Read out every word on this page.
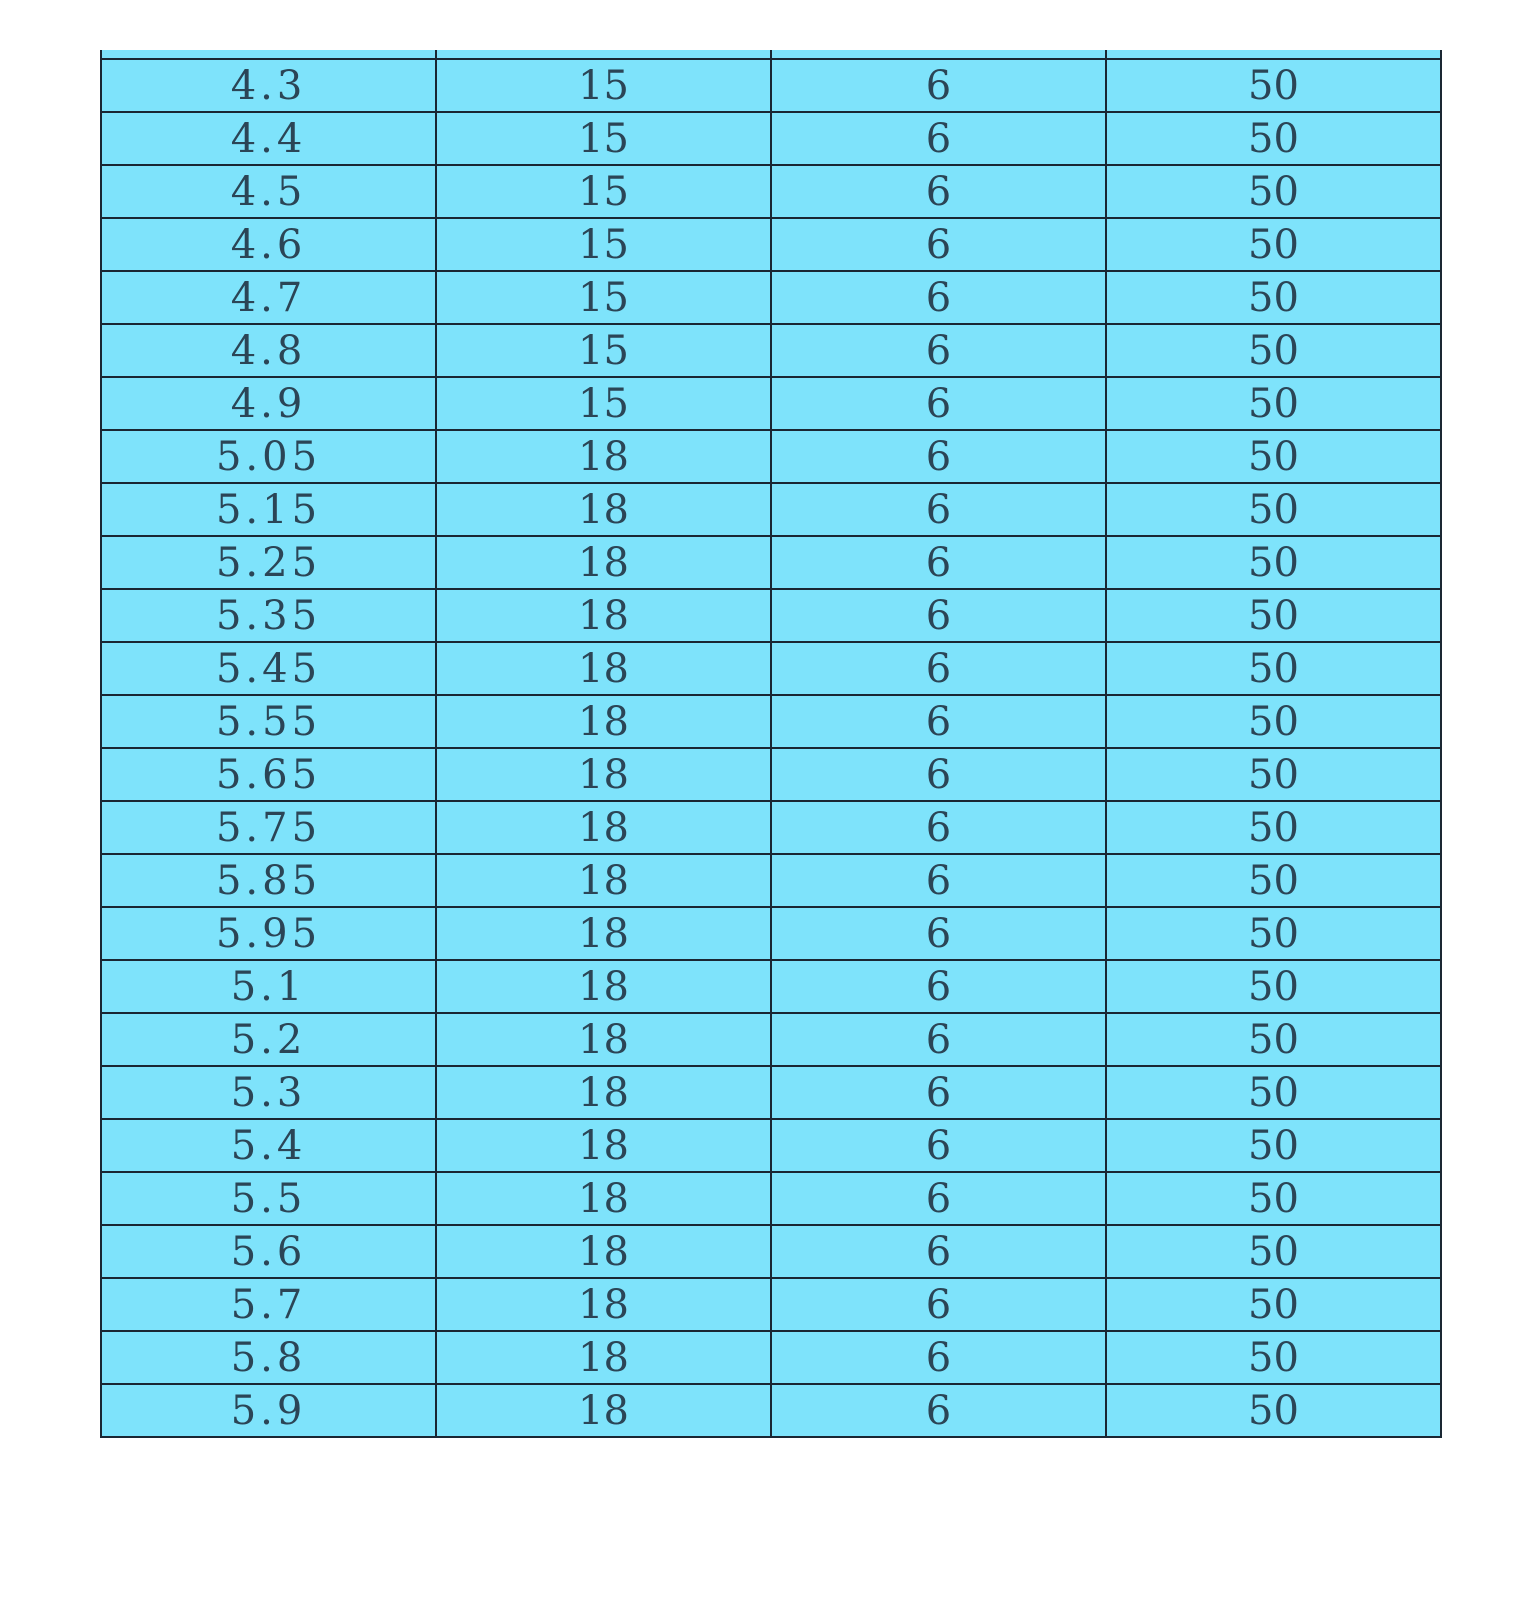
4.3	15	6	50
4.4	15	6	50
4.5	15	6	50
4.6	15	6	50
4.7	15	6	50
4.8	15	6	50
4.9	15	6	50
5.05	18	6	50
5.15	18	6	50
5.25	18	6	50
5.35	18	6	50
5.45	18	6	50
5.55	18	6	50
5.65	18	6	50
5.75	18	6	50
5.85	18	6	50
5.95	18	6	50
5.1	18	6	50
5.2	18	6	50
5.3	18	6	50
5.4	18	6	50
5.5	18	6	50
5.6	18	6	50
5.7	18	6	50
5.8	18	6	50
5.9	18	6	50
